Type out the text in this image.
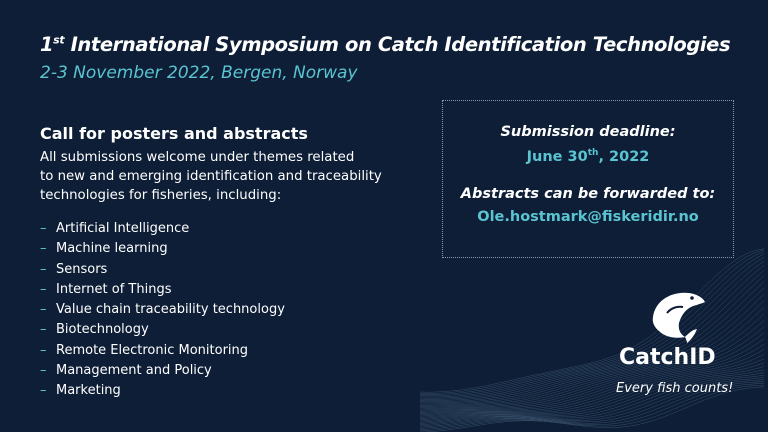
1st International Symposium on Catch Identification Technologies
2-3 November 2022, Bergen, Norway
Call for posters and abstracts

All submissions welcome under themes related
to new and emerging identification and traceability
technologies for fisheries, including:

– Artificial Intelligence
– Machine learning
– Sensors
– Internet of Things
– Value chain traceability technology
– Biotechnology
– Remote Electronic Monitoring
– Management and Policy
– Marketing
Submission deadline:
June 30th, 2022
Abstracts can be forwarded to:
Ole.hostmark@fiskeridir.no
CatchID
Every fish counts!
